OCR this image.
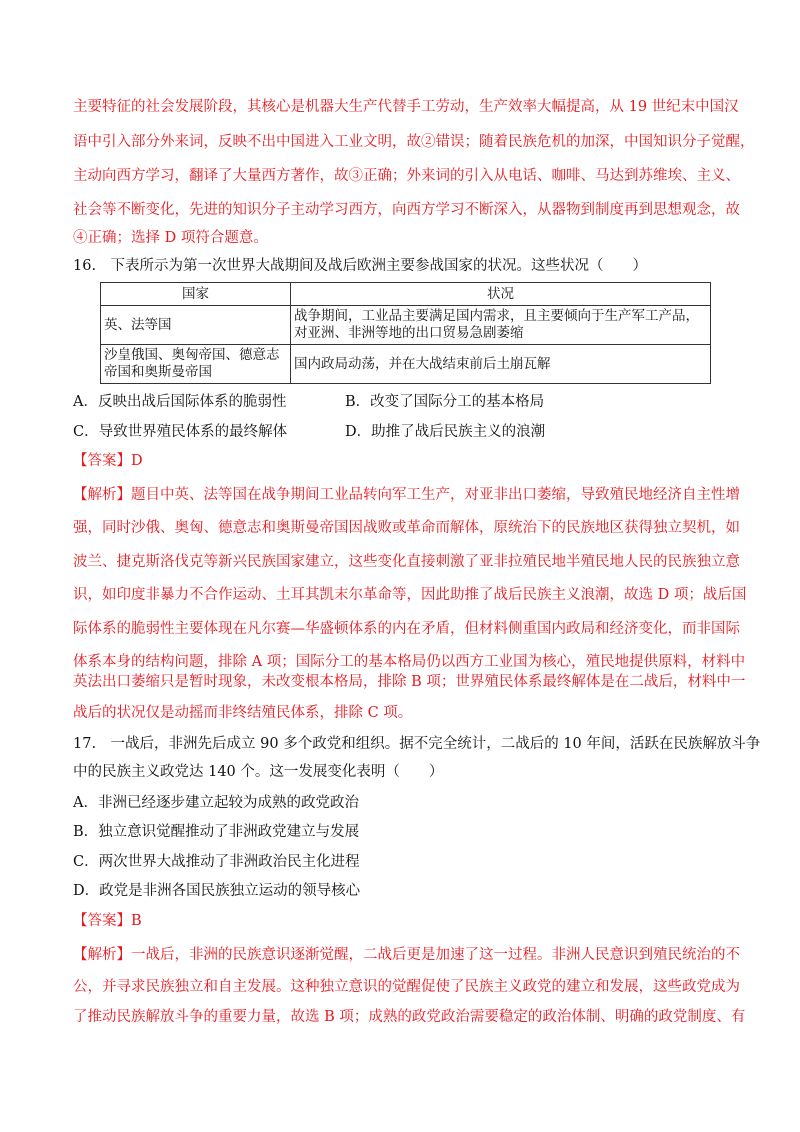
主要特征的社会发展阶段，其核心是机器大生产代替手工劳动，生产效率大幅提高，从 19 世纪末中国汉
语中引入部分外来词，反映不出中国进入工业文明，故②错误；随着民族危机的加深，中国知识分子觉醒，
主动向西方学习，翻译了大量西方著作，故③正确；外来词的引入从电话、咖啡、马达到苏维埃、主义、
社会等不断变化，先进的知识分子主动学习西方，向西方学习不断深入，从器物到制度再到思想观念，故
④正确；选择 D 项符合题意。
16.　下表所示为第一次世界大战期间及战后欧洲主要参战国家的状况。这些状况（　　）
国家	状况
英、法等国	战争期间，工业品主要满足国内需求，且主要倾向于生产军工产品，对亚洲、非洲等地的出口贸易急剧萎缩
沙皇俄国、奥匈帝国、德意志帝国和奥斯曼帝国	国内政局动荡，并在大战结束前后土崩瓦解
A．反映出战后国际体系的脆弱性	B．改变了国际分工的基本格局
C．导致世界殖民体系的最终解体	D．助推了战后民族主义的浪潮
【答案】D
【解析】题目中英、法等国在战争期间工业品转向军工生产，对亚非出口萎缩，导致殖民地经济自主性增
强，同时沙俄、奥匈、德意志和奥斯曼帝国因战败或革命而解体，原统治下的民族地区获得独立契机，如
波兰、捷克斯洛伐克等新兴民族国家建立，这些变化直接刺激了亚非拉殖民地半殖民地人民的民族独立意
识，如印度非暴力不合作运动、土耳其凯末尔革命等，因此助推了战后民族主义浪潮，故选 D 项；战后国
际体系的脆弱性主要体现在凡尔赛—华盛顿体系的内在矛盾，但材料侧重国内政局和经济变化，而非国际
体系本身的结构问题，排除 A 项；国际分工的基本格局仍以西方工业国为核心，殖民地提供原料，材料中
英法出口萎缩只是暂时现象，未改变根本格局，排除 B 项；世界殖民体系最终解体是在二战后，材料中一
战后的状况仅是动摇而非终结殖民体系，排除 C 项。
17.　一战后，非洲先后成立 90 多个政党和组织。据不完全统计，二战后的 10 年间，活跃在民族解放斗争
中的民族主义政党达 140 个。这一发展变化表明（　　）
A．非洲已经逐步建立起较为成熟的政党政治
B．独立意识觉醒推动了非洲政党建立与发展
C．两次世界大战推动了非洲政治民主化进程
D．政党是非洲各国民族独立运动的领导核心
【答案】B
【解析】一战后，非洲的民族意识逐渐觉醒，二战后更是加速了这一过程。非洲人民意识到殖民统治的不
公，并寻求民族独立和自主发展。这种独立意识的觉醒促使了民族主义政党的建立和发展，这些政党成为
了推动民族解放斗争的重要力量，故选 B 项；成熟的政党政治需要稳定的政治体制、明确的政党制度、有
